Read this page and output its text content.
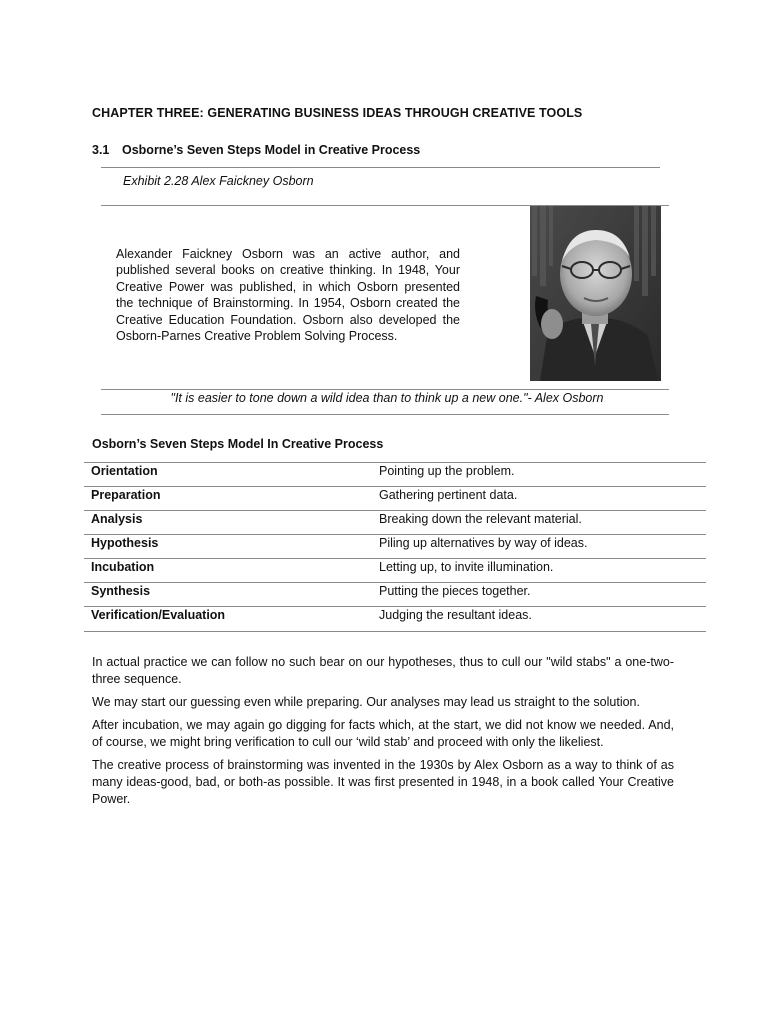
CHAPTER THREE: GENERATING BUSINESS IDEAS THROUGH CREATIVE TOOLS
3.1 Osborne’s Seven Steps Model in Creative Process
Exhibit 2.28 Alex Faickney Osborn

Alexander Faickney Osborn was an active author, and published several books on creative thinking. In 1948, Your Creative Power was published, in which Osborn presented the technique of Brainstorming. In 1954, Osborn created the Creative Education Foundation. Osborn also developed the Osborn-Parnes Creative Problem Solving Process.

"It is easier to tone down a wild idea than to think up a new one."- Alex Osborn
Osborn’s Seven Steps Model In Creative Process
Orientation	Pointing up the problem.
Preparation	Gathering pertinent data.
Analysis	Breaking down the relevant material.
Hypothesis	Piling up alternatives by way of ideas.
Incubation	Letting up, to invite illumination.
Synthesis	Putting the pieces together.
Verification/Evaluation	Judging the resultant ideas.

In actual practice we can follow no such bear on our hypotheses, thus to cull our "wild stabs" a one-two-three sequence.

We may start our guessing even while preparing. Our analyses may lead us straight to the solution.

After incubation, we may again go digging for facts which, at the start, we did not know we needed. And, of course, we might bring verification to cull our ‘wild stab’ and proceed with only the likeliest.

The creative process of brainstorming was invented in the 1930s by Alex Osborn as a way to think of as many ideas-good, bad, or both-as possible. It was first presented in 1948, in a book called Your Creative Power.
